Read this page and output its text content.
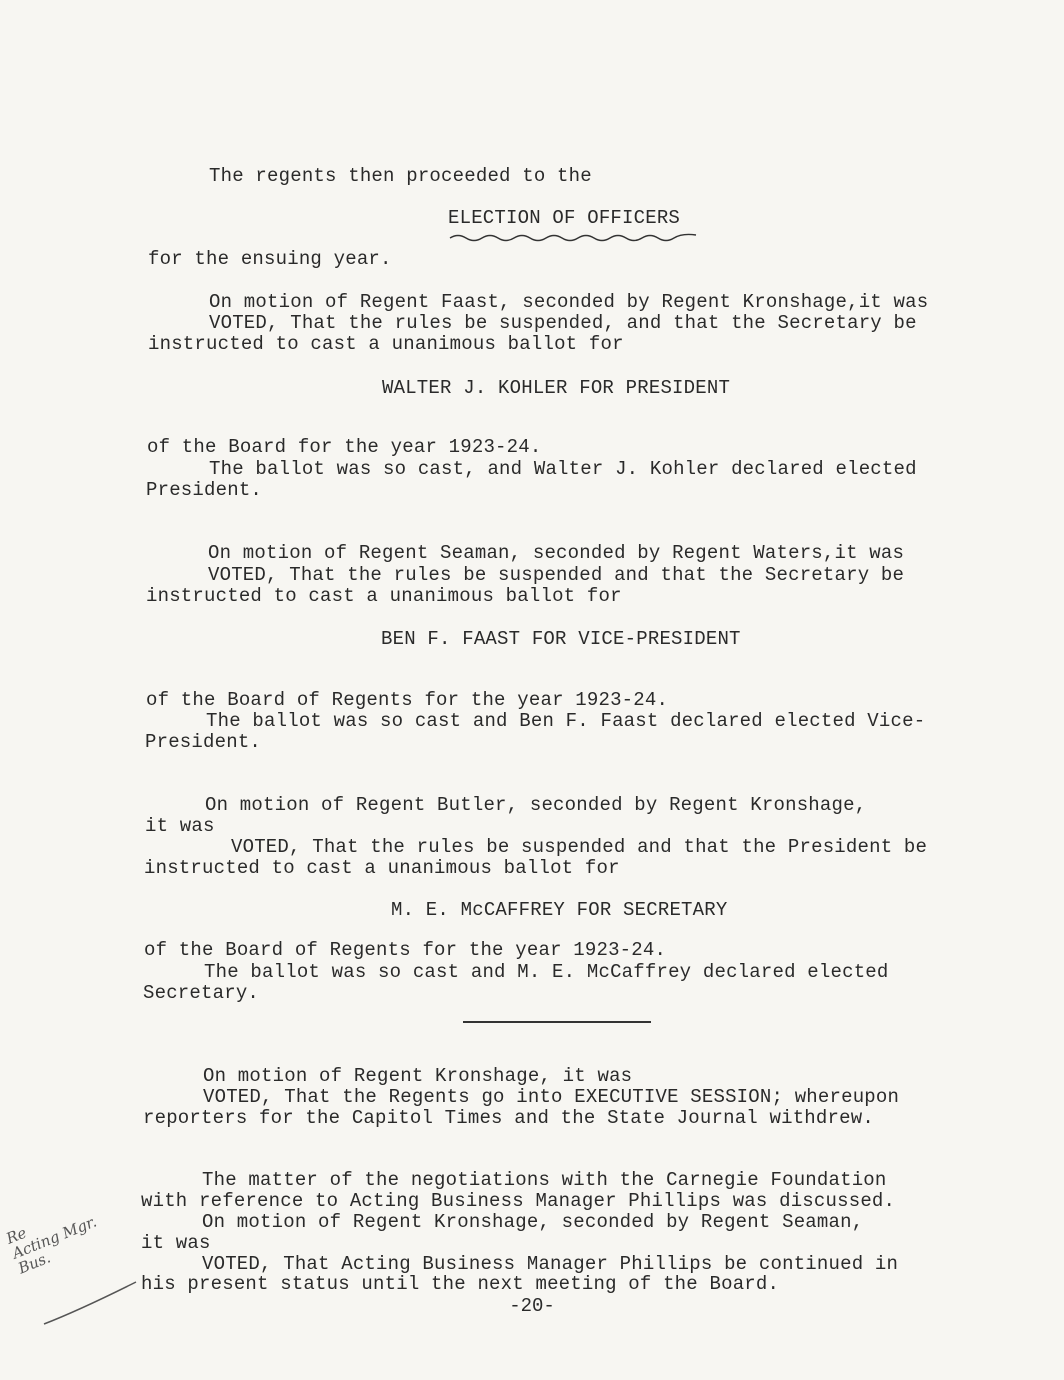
The regents then proceeded to the
ELECTION OF OFFICERS
for the ensuing year.
On motion of Regent Faast, seconded by Regent Kronshage,it was
VOTED, That the rules be suspended, and that the Secretary be
instructed to cast a unanimous ballot for
WALTER J. KOHLER FOR PRESIDENT
of the Board for the year 1923-24.
The ballot was so cast, and Walter J. Kohler declared elected
President.
On motion of Regent Seaman, seconded by Regent Waters,it was
VOTED, That the rules be suspended and that the Secretary be
instructed to cast a unanimous ballot for
BEN F. FAAST FOR VICE-PRESIDENT
of the Board of Regents for the year 1923-24.
The ballot was so cast and Ben F. Faast declared elected Vice-
President.
On motion of Regent Butler, seconded by Regent Kronshage,
it was
VOTED, That the rules be suspended and that the President be
instructed to cast a unanimous ballot for
M. E. McCAFFREY FOR SECRETARY
of the Board of Regents for the year 1923-24.
The ballot was so cast and M. E. McCaffrey declared elected
Secretary.
On motion of Regent Kronshage, it was
VOTED, That the Regents go into EXECUTIVE SESSION; whereupon
reporters for the Capitol Times and the State Journal withdrew.
The matter of the negotiations with the Carnegie Foundation
with reference to Acting Business Manager Phillips was discussed.
On motion of Regent Kronshage, seconded by Regent Seaman,
it was
VOTED, That Acting Business Manager Phillips be continued in
his present status until the next meeting of the Board.
Re
Acting Mgr.
Bus.
-20-
